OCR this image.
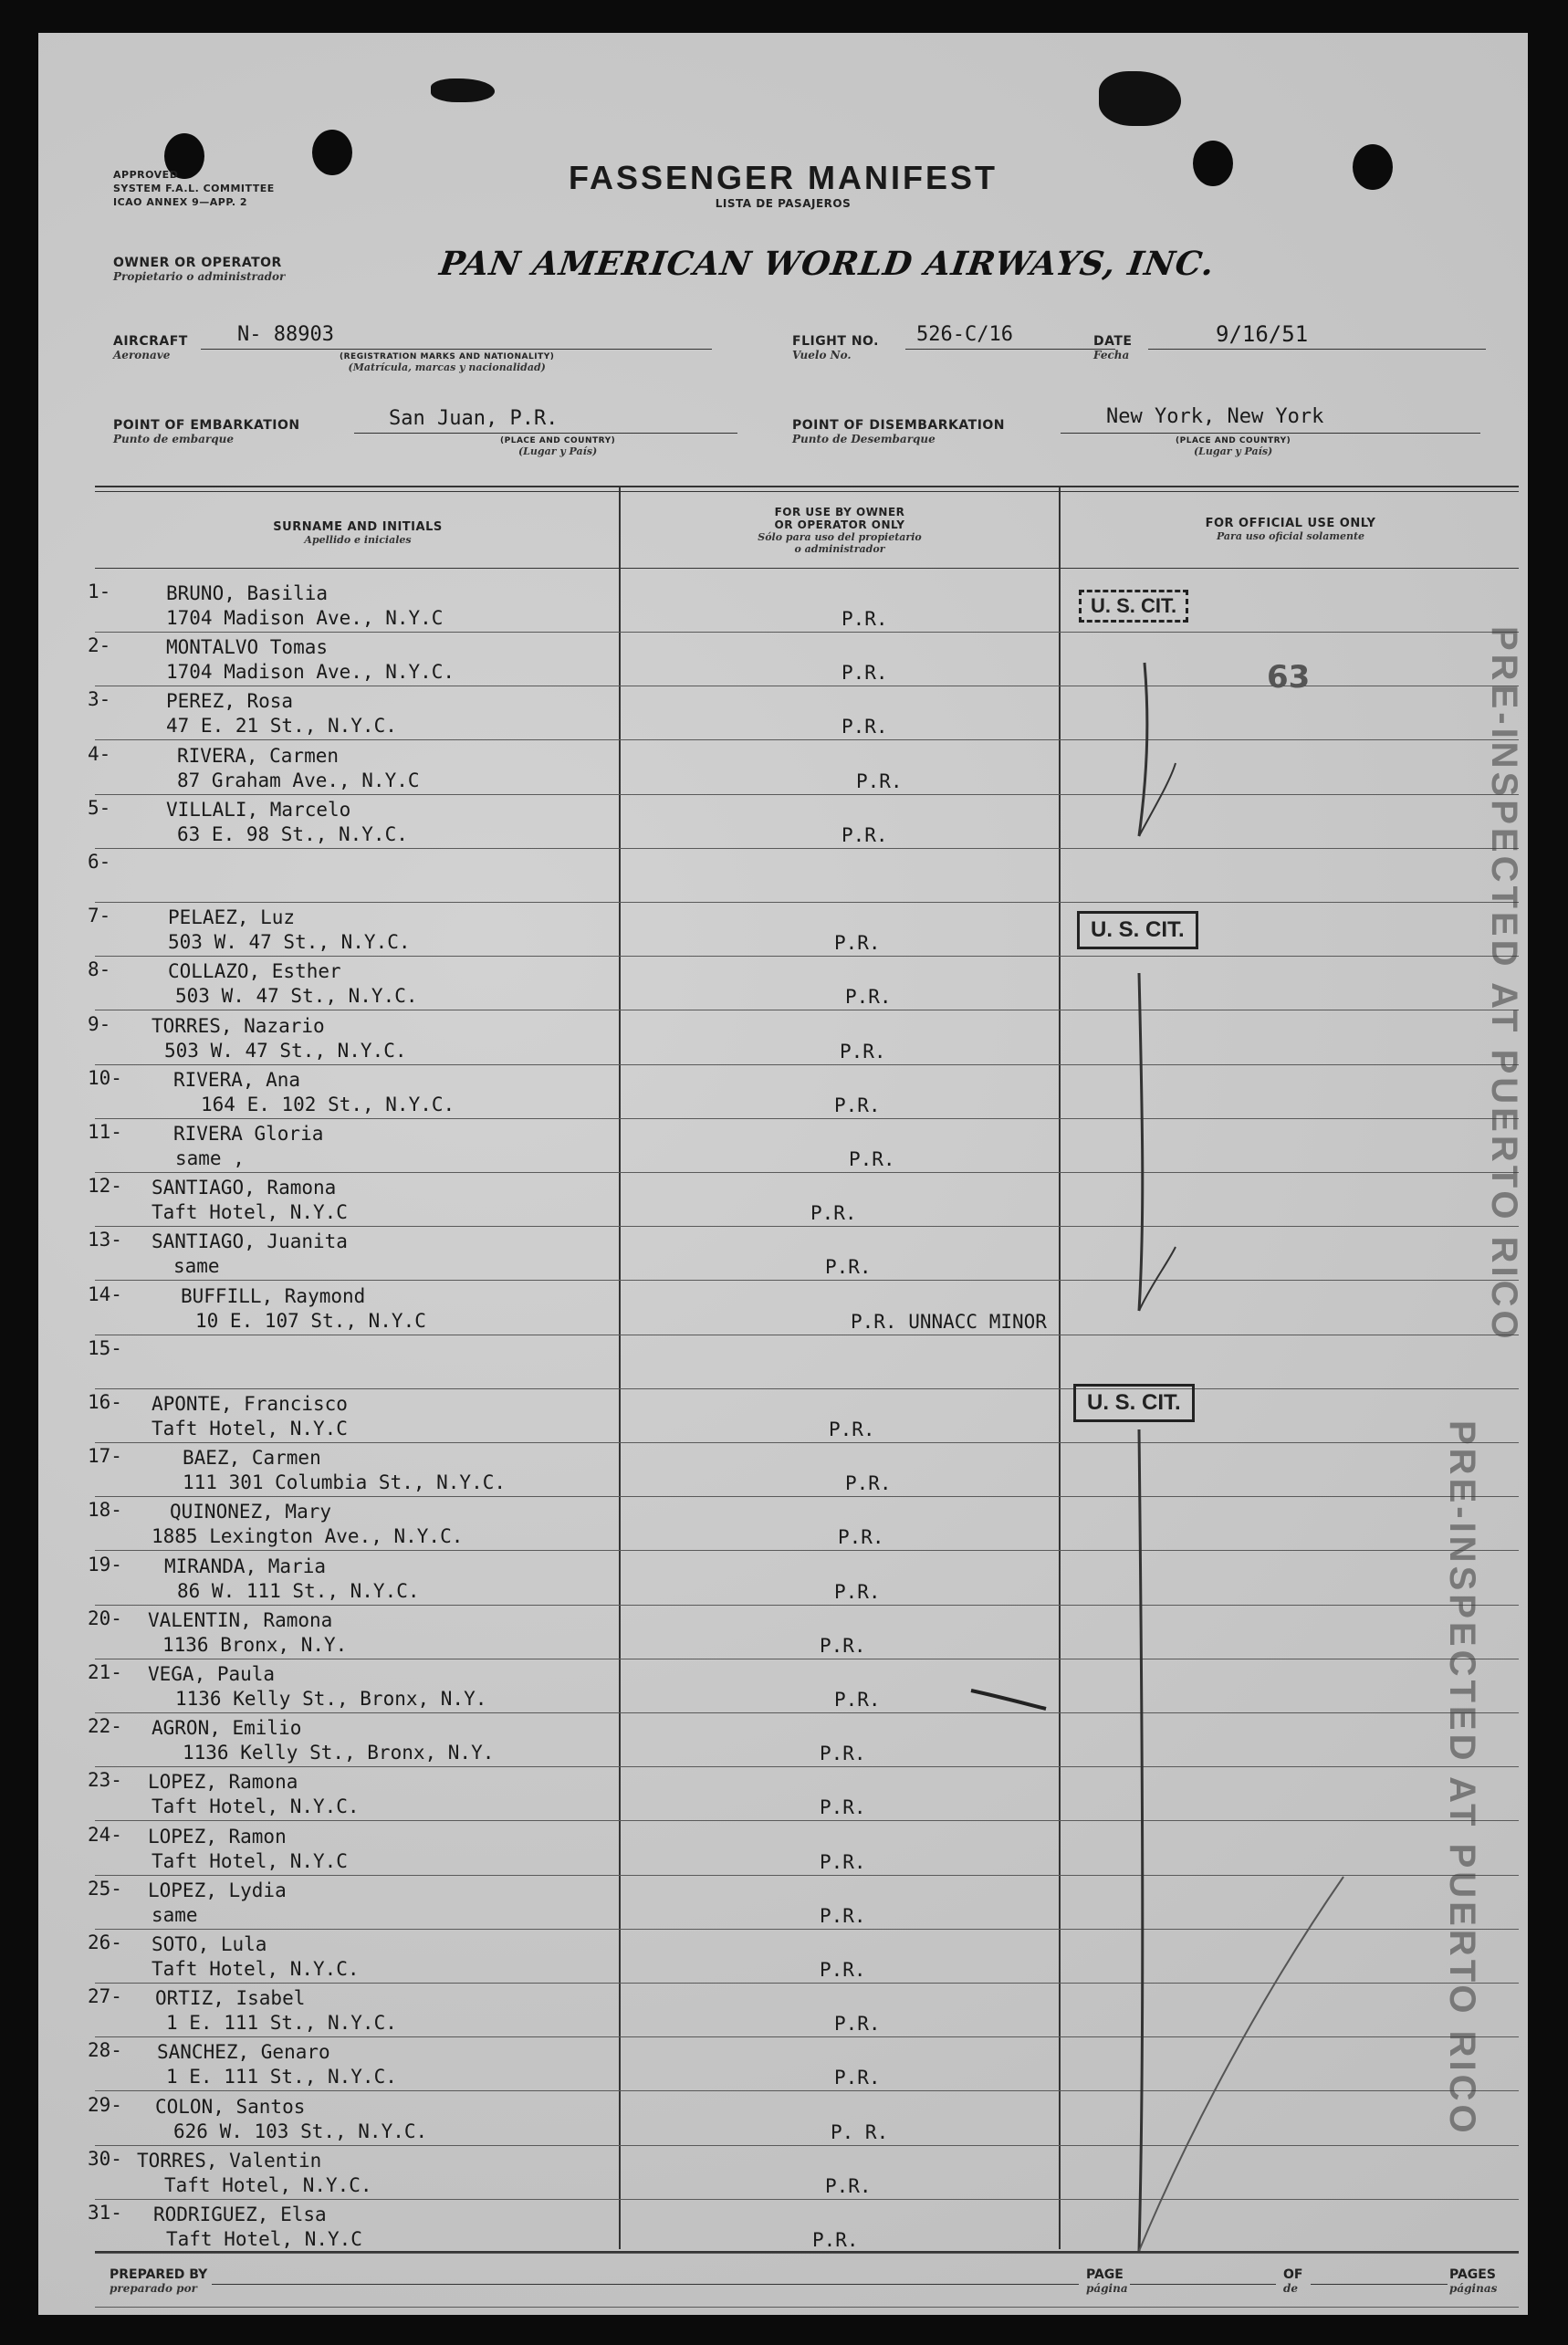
APPROVED
SYSTEM F.A.L. COMMITTEE
ICAO ANNEX 9—APP. 2
FASSENGER MANIFEST
LISTA DE PASAJEROS
OWNER OR OPERATOR
Propietario o administrador	PAN AMERICAN WORLD AIRWAYS, INC.
AIRCRAFT
Aeronave
N- 88903
(REGISTRATION MARKS AND NATIONALITY)
(Matrícula, marcas y nacionalidad)
FLIGHT NO.
Vuelo No.
526-C/16	DATE
Fecha
9/16/51
POINT OF EMBARKATION
Punto de embarque
San Juan, P.R.
(PLACE AND COUNTRY)
(Lugar y País)
POINT OF DISEMBARKATION
Punto de Desembarque
New York, New York
(PLACE AND COUNTRY)
(Lugar y País)
SURNAME AND INITIALS
Apellido e iniciales
FOR USE BY OWNER
OR OPERATOR ONLY
Sólo para uso del propietario
o administrador
FOR OFFICIAL USE ONLY
Para uso oficial solamente
1-	BRUNO, Basilia
1704 Madison Ave., N.Y.C	P.R.
2-	MONTALVO Tomas
1704 Madison Ave., N.Y.C.	P.R.
3-	PEREZ, Rosa
47 E. 21 St., N.Y.C.	P.R.
4-	RIVERA, Carmen
87 Graham Ave., N.Y.C	P.R.
5-	VILLALI, Marcelo
63 E. 98 St., N.Y.C.	P.R.
6-
7-	PELAEZ, Luz
503 W. 47 St., N.Y.C.	P.R.
8-	COLLAZO, Esther
503 W. 47 St., N.Y.C.	P.R.
9- TORRES, Nazario
503 W. 47 St., N.Y.C.	P.R.
10-	RIVERA, Ana
164 E. 102 St., N.Y.C.	P.R.
11-	RIVERA Gloria
same ,	P.R.
12- SANTIAGO, Ramona
Taft Hotel, N.Y.C	P.R.
13- SANTIAGO, Juanita
same	P.R.
14-	BUFFILL, Raymond
10 E. 107 St., N.Y.C	P.R. UNNACC MINOR
15-
16- APONTE, Francisco
Taft Hotel, N.Y.C	P.R.
17-	BAEZ, Carmen
111 301 Columbia St., N.Y.C.	P.R.
18- QUINONEZ, Mary
1885 Lexington Ave., N.Y.C.	P.R.
19- MIRANDA, Maria
86 W. 111 St., N.Y.C.	P.R.
20- VALENTIN, Ramona
1136 Bronx, N.Y.	P.R.
21- VEGA, Paula
1136 Kelly St., Bronx, N.Y.	P.R.
22- AGRON, Emilio
1136 Kelly St., Bronx, N.Y.	P.R.
23- LOPEZ, Ramona
Taft Hotel, N.Y.C.	P.R.
24- LOPEZ, Ramon
Taft Hotel, N.Y.C	P.R.
25- LOPEZ, Lydia
same	P.R.
26- SOTO, Lula
Taft Hotel, N.Y.C.	P.R.
27- ORTIZ, Isabel
1 E. 111 St., N.Y.C.	P.R.
28- SANCHEZ, Genaro
1 E. 111 St., N.Y.C.	P.R.
29- COLON, Santos
626 W. 103 St., N.Y.C.	P. R.
30- TORRES, Valentin
Taft Hotel, N.Y.C.	P.R.
31- RODRIGUEZ, Elsa
Taft Hotel, N.Y.C	P.R.
U. S. CIT.
U. S. CIT.
U. S. CIT.
63	PRE-INSPECTED AT PUERTO RICO
PRE-INSPECTED AT PUERTO RICO
PREPARED BY
preparado por
PAGE
página
OF
de
PAGES
páginas
